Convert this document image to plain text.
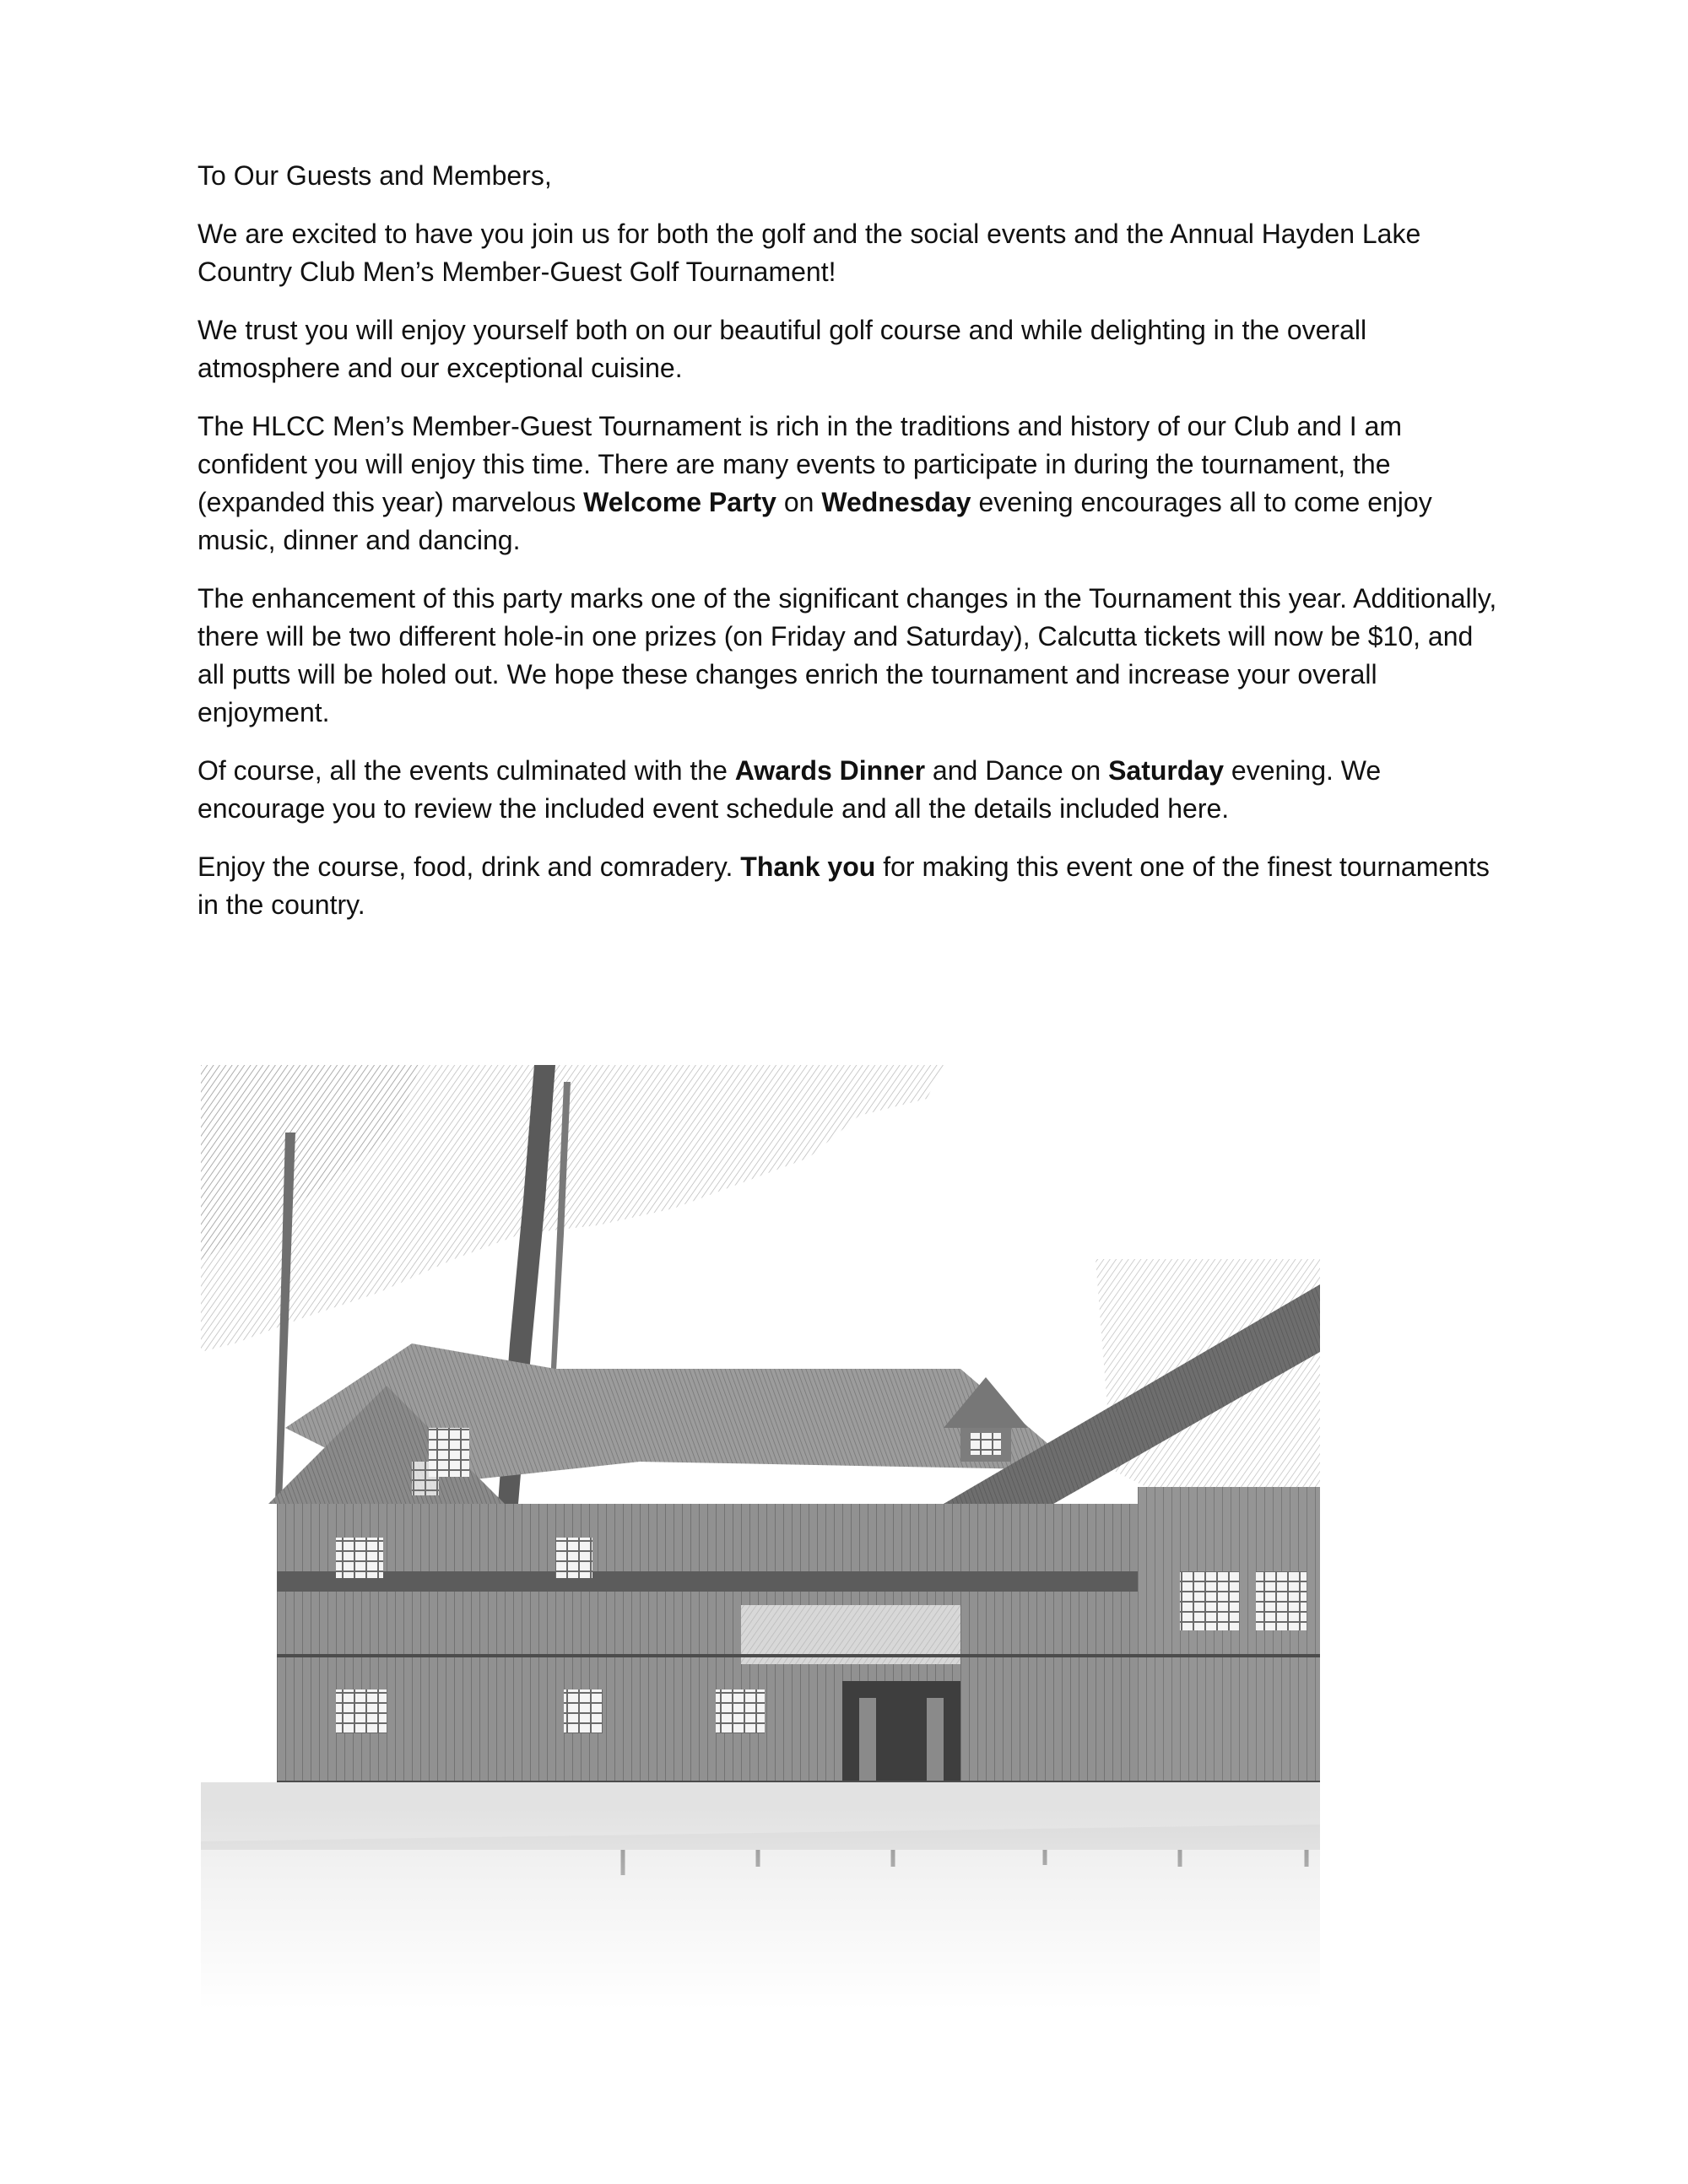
To Our Guests and Members,

We are excited to have you join us for both the golf and the social events and the Annual Hayden Lake Country Club Men’s Member-Guest Golf Tournament!

We trust you will enjoy yourself both on our beautiful golf course and while delighting in the overall atmosphere and our exceptional cuisine.

The HLCC Men’s Member-Guest Tournament is rich in the traditions and history of our Club and I am confident you will enjoy this time. There are many events to participate in during the tournament, the (expanded this year) marvelous Welcome Party on Wednesday evening encourages all to come enjoy music, dinner and dancing.

The enhancement of this party marks one of the significant changes in the Tournament this year. Additionally, there will be two different hole-in one prizes (on Friday and Saturday), Calcutta tickets will now be $10, and all putts will be holed out. We hope these changes enrich the tournament and increase your overall enjoyment.

Of course, all the events culminated with the Awards Dinner and Dance on Saturday evening. We encourage you to review the included event schedule and all the details included here.

Enjoy the course, food, drink and comradery. Thank you for making this event one of the finest tournaments in the country.
